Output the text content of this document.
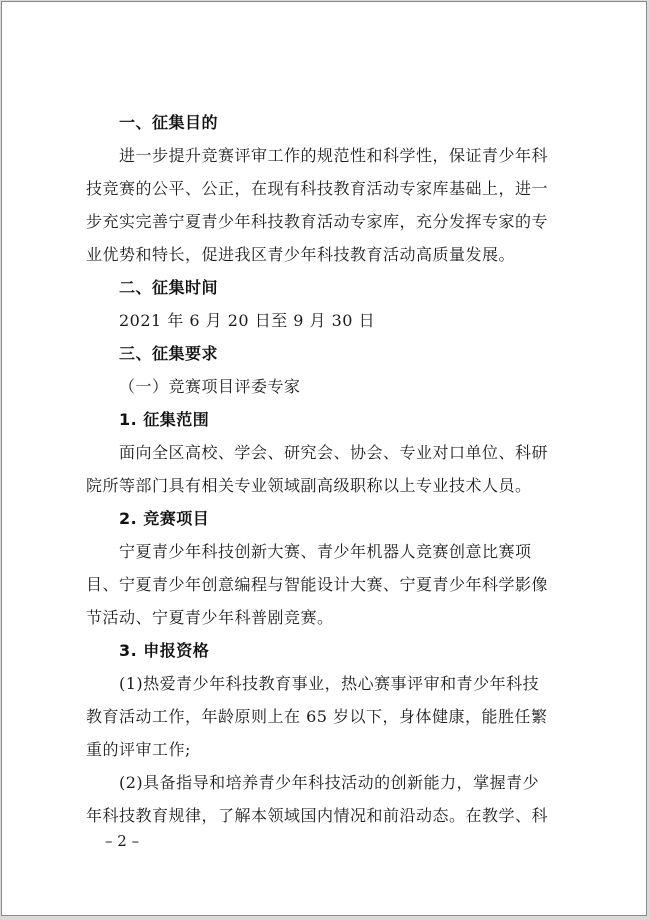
一、征集目的
进一步提升竞赛评审工作的规范性和科学性，保证青少年科
技竞赛的公平、公正，在现有科技教育活动专家库基础上，进一
步充实完善宁夏青少年科技教育活动专家库，充分发挥专家的专
业优势和特长，促进我区青少年科技教育活动高质量发展。
二、征集时间
2021 年 6 月 20 日至 9 月 30 日
三、征集要求
（一）竞赛项目评委专家
1. 征集范围
面向全区高校、学会、研究会、协会、专业对口单位、科研
院所等部门具有相关专业领域副高级职称以上专业技术人员。
2. 竞赛项目
宁夏青少年科技创新大赛、青少年机器人竞赛创意比赛项
目、宁夏青少年创意编程与智能设计大赛、宁夏青少年科学影像
节活动、宁夏青少年科普剧竞赛。
3. 申报资格
(1)热爱青少年科技教育事业，热心赛事评审和青少年科技
教育活动工作，年龄原则上在 65 岁以下，身体健康，能胜任繁
重的评审工作;
(2)具备指导和培养青少年科技活动的创新能力，掌握青少
年科技教育规律，了解本领域国内情况和前沿动态。在教学、科
– 2 –
